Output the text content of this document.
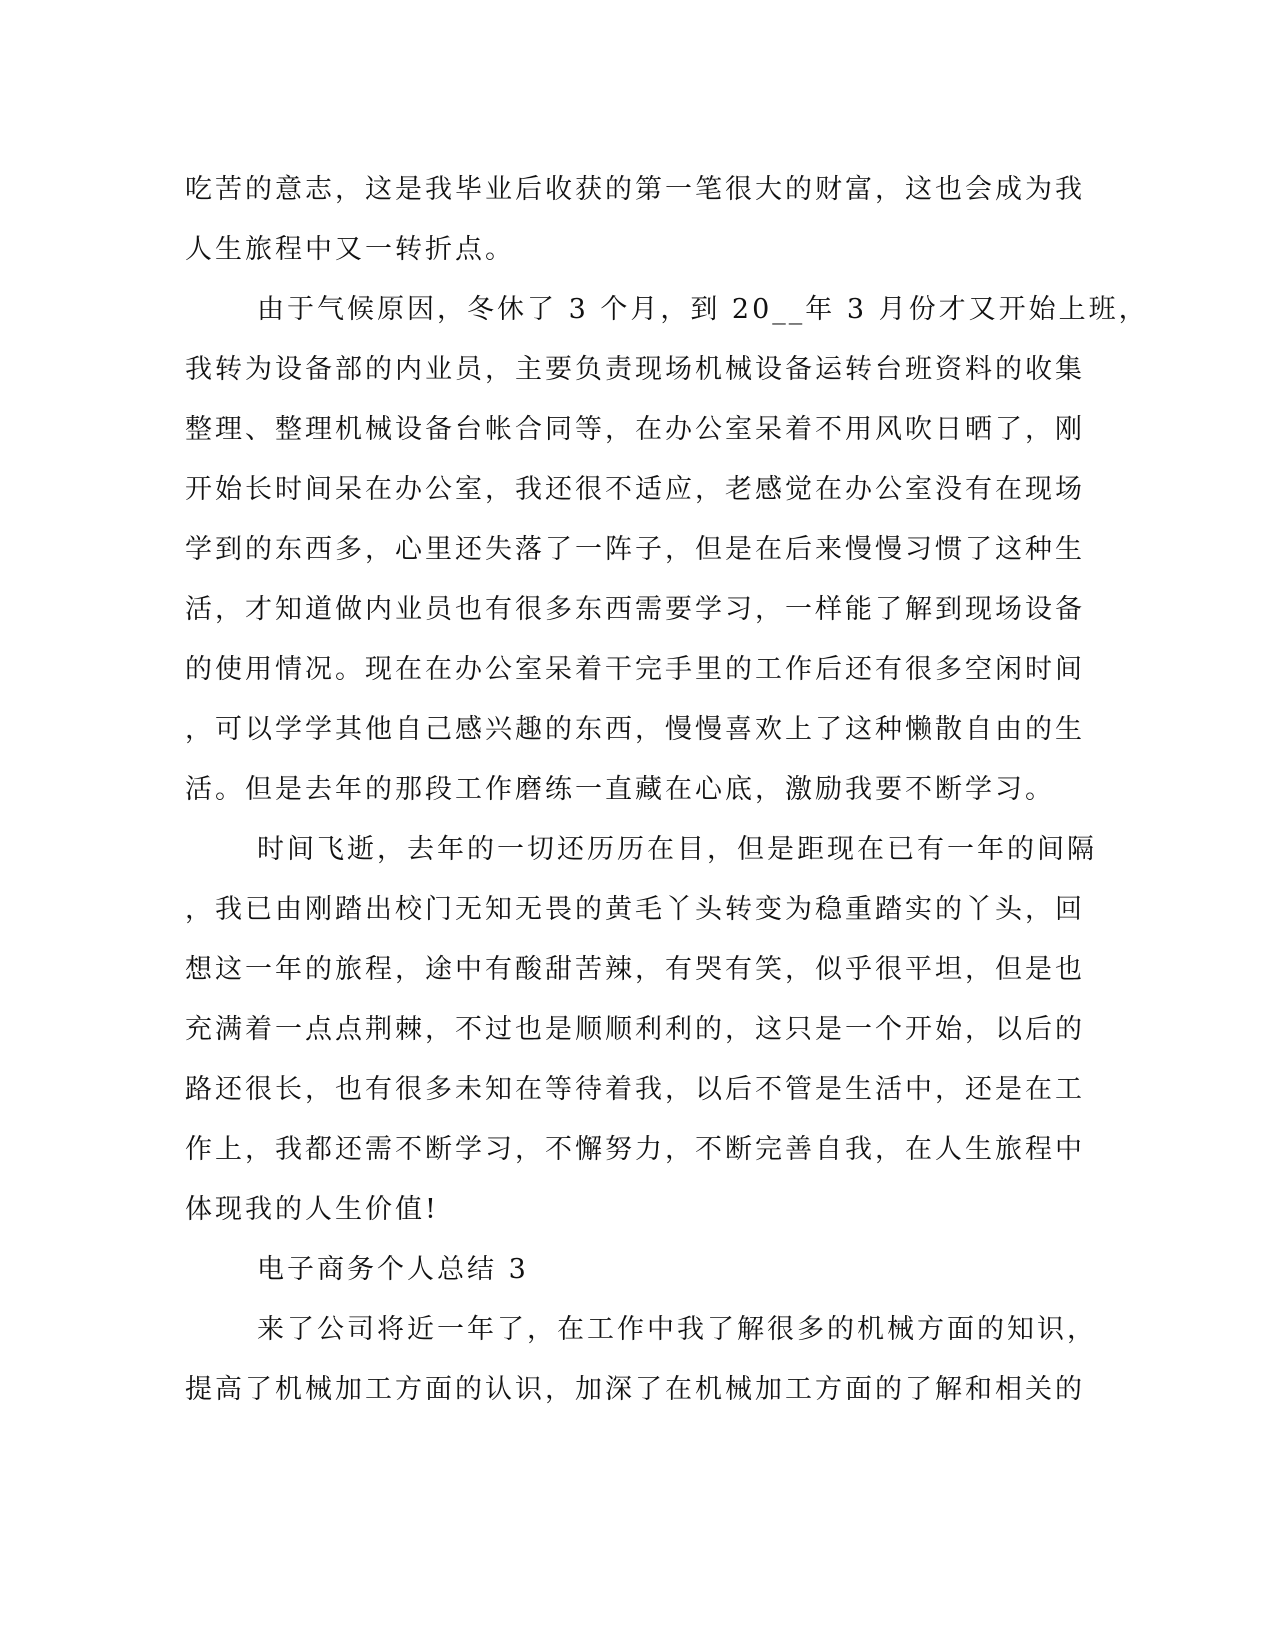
吃苦的意志，这是我毕业后收获的第一笔很大的财富，这也会成为我
人生旅程中又一转折点。
由于气候原因，冬休了 3 个月，到 20__年 3 月份才又开始上班，
我转为设备部的内业员，主要负责现场机械设备运转台班资料的收集
整理、整理机械设备台帐合同等，在办公室呆着不用风吹日晒了，刚
开始长时间呆在办公室，我还很不适应，老感觉在办公室没有在现场
学到的东西多，心里还失落了一阵子，但是在后来慢慢习惯了这种生
活，才知道做内业员也有很多东西需要学习，一样能了解到现场设备
的使用情况。现在在办公室呆着干完手里的工作后还有很多空闲时间
，可以学学其他自己感兴趣的东西，慢慢喜欢上了这种懒散自由的生
活。但是去年的那段工作磨练一直藏在心底，激励我要不断学习。
时间飞逝，去年的一切还历历在目，但是距现在已有一年的间隔
，我已由刚踏出校门无知无畏的黄毛丫头转变为稳重踏实的丫头，回
想这一年的旅程，途中有酸甜苦辣，有哭有笑，似乎很平坦，但是也
充满着一点点荆棘，不过也是顺顺利利的，这只是一个开始，以后的
路还很长，也有很多未知在等待着我，以后不管是生活中，还是在工
作上，我都还需不断学习，不懈努力，不断完善自我，在人生旅程中
体现我的人生价值!
电子商务个人总结 3
来了公司将近一年了，在工作中我了解很多的机械方面的知识，
提高了机械加工方面的认识，加深了在机械加工方面的了解和相关的
